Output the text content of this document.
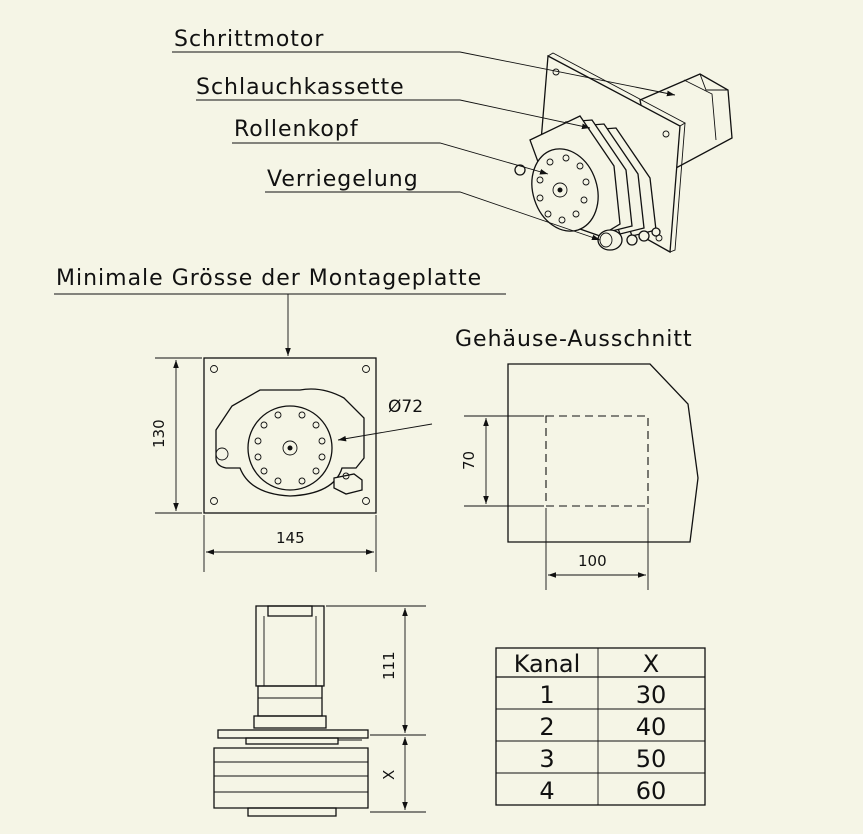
Schrittmotor
Schlauchkassette
Rollenkopf
Verriegelung
Minimale Grösse der Montageplatte
Ø72
130
145
Gehäuse-Ausschnitt
70
100
111
X
Kanal	X
1	30
2	40
3	50
4	60
